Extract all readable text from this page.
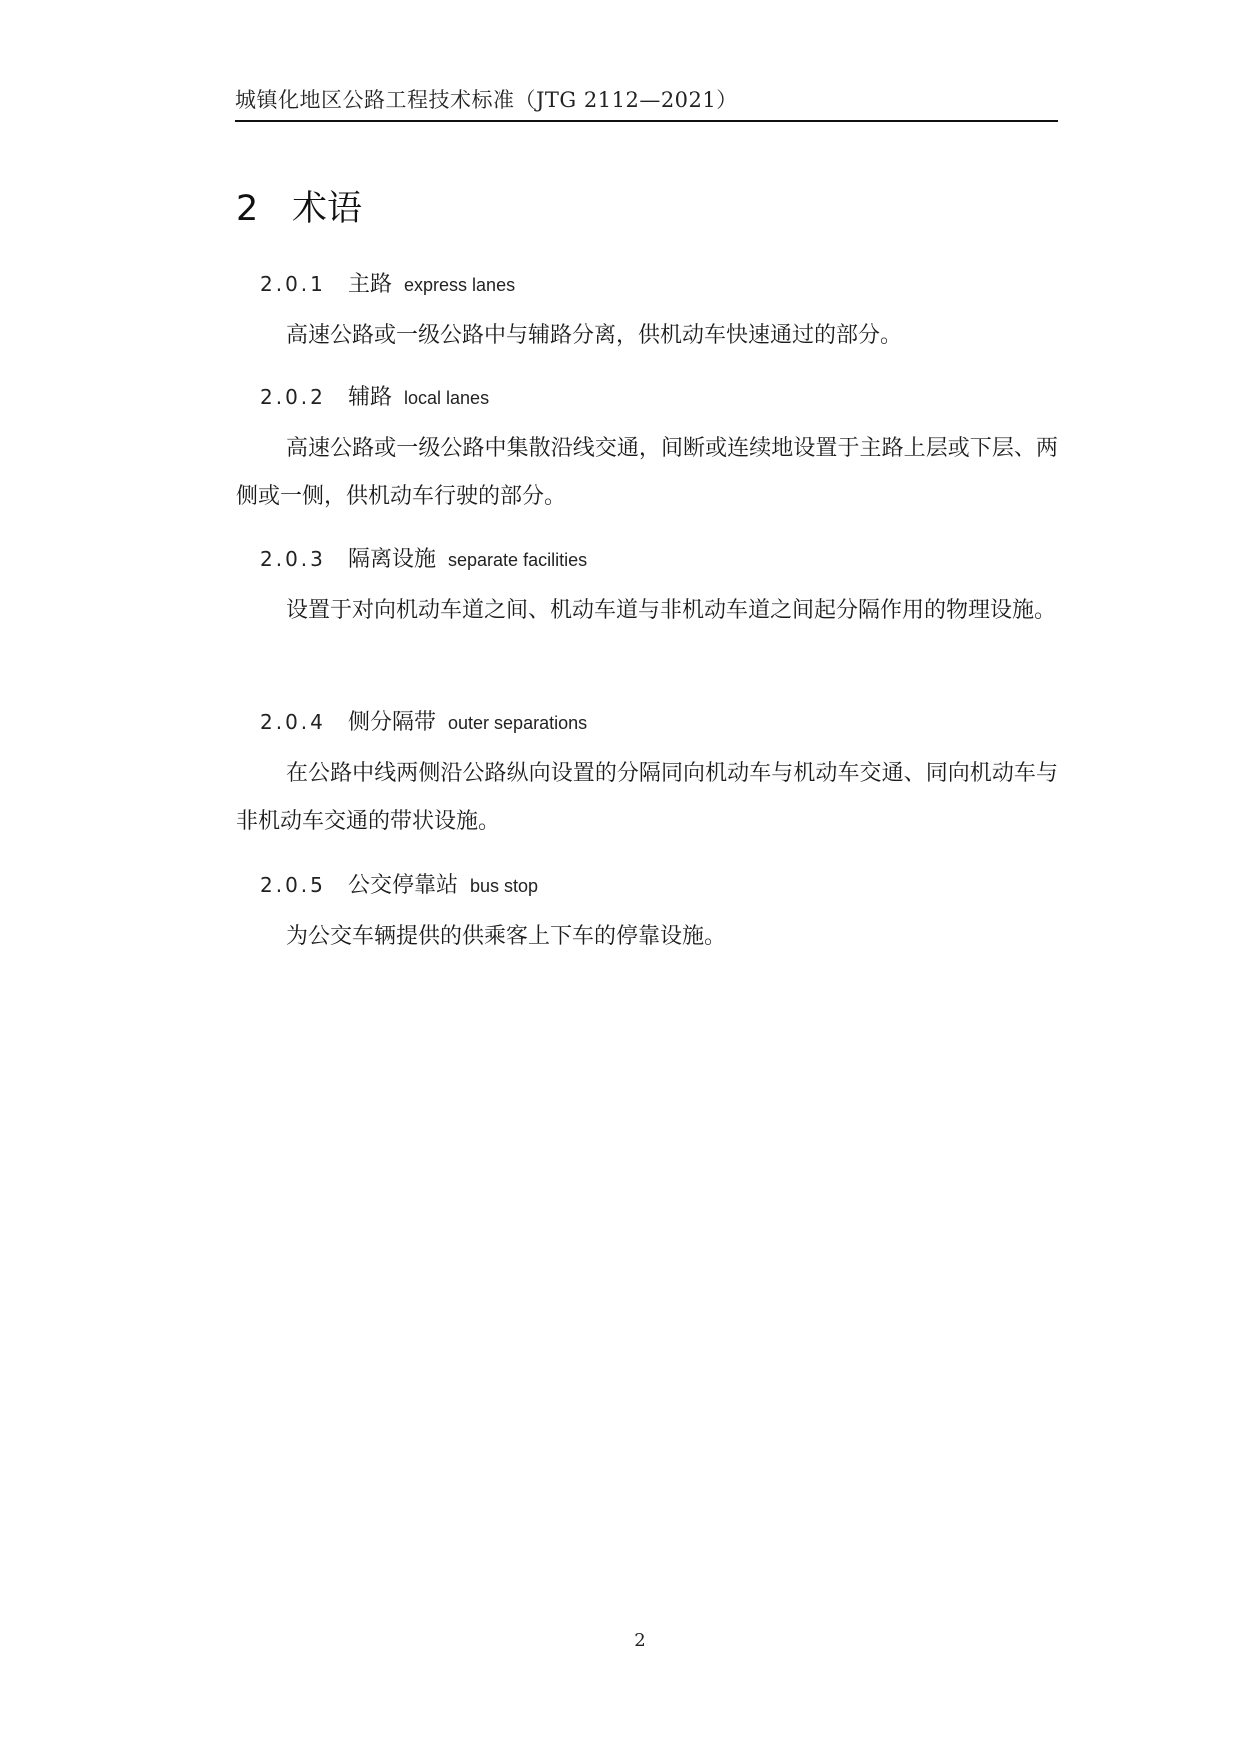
城镇化地区公路工程技术标准（JTG 2112—2021）
2 术语
2.0.1 主路 express lanes
高速公路或一级公路中与辅路分离，供机动车快速通过的部分。
2.0.2 辅路 local lanes
高速公路或一级公路中集散沿线交通，间断或连续地设置于主路上层或下层、两侧或一侧，供机动车行驶的部分。
2.0.3 隔离设施 separate facilities
设置于对向机动车道之间、机动车道与非机动车道之间起分隔作用的物理设施。
2.0.4 侧分隔带 outer separations
在公路中线两侧沿公路纵向设置的分隔同向机动车与机动车交通、同向机动车与非机动车交通的带状设施。
2.0.5 公交停靠站 bus stop
为公交车辆提供的供乘客上下车的停靠设施。
2
